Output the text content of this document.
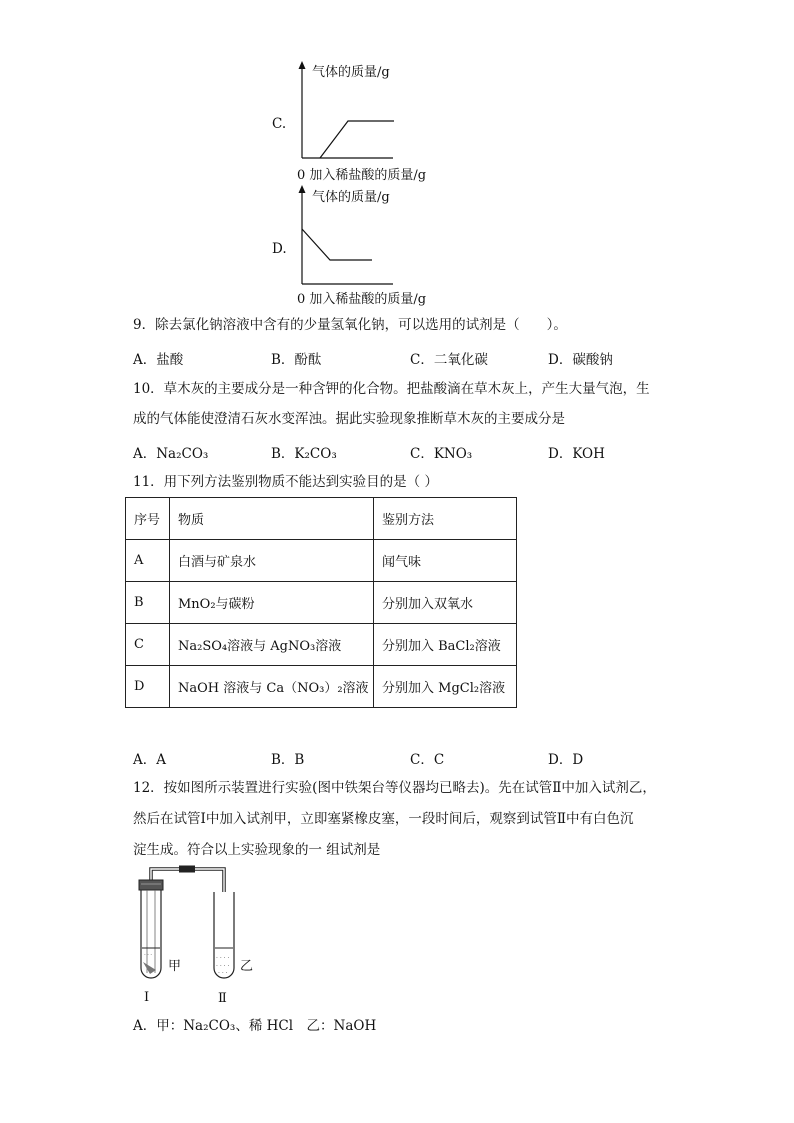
C.
气体的质量/g
0 加入稀盐酸的质量/g
D.
气体的质量/g
0 加入稀盐酸的质量/g
9．除去氯化钠溶液中含有的少量氢氧化钠，可以选用的试剂是（　　）。
A．盐酸	B．酚酞	C．二氧化碳	D．碳酸钠
10．草木灰的主要成分是一种含钾的化合物。把盐酸滴在草木灰上，产生大量气泡，生
成的气体能使澄清石灰水变浑浊。据此实验现象推断草木灰的主要成分是
A．Na₂CO₃	B．K₂CO₃	C．KNO₃	D．KOH
11．用下列方法鉴别物质不能达到实验目的是（ ）
序号	物质	鉴别方法
A	白酒与矿泉水	闻气味
B	MnO₂与碳粉	分别加入双氧水
C	Na₂SO₄溶液与 AgNO₃溶液	分别加入 BaCl₂溶液
D	NaOH 溶液与 Ca（NO₃）₂溶液	分别加入 MgCl₂溶液
A．A	B．B	C．C	D．D
12．按如图所示装置进行实验(图中铁架台等仪器均已略去)。先在试管Ⅱ中加入试剂乙，
然后在试管Ⅰ中加入试剂甲，立即塞紧橡皮塞，一段时间后，观察到试管Ⅱ中有白色沉
淀生成。符合以上实验现象的一 组试剂是
- - -	. . . .
. . . .
. . .
甲	乙
Ⅰ	Ⅱ
A．甲：Na₂CO₃、稀 HCl　乙：NaOH
